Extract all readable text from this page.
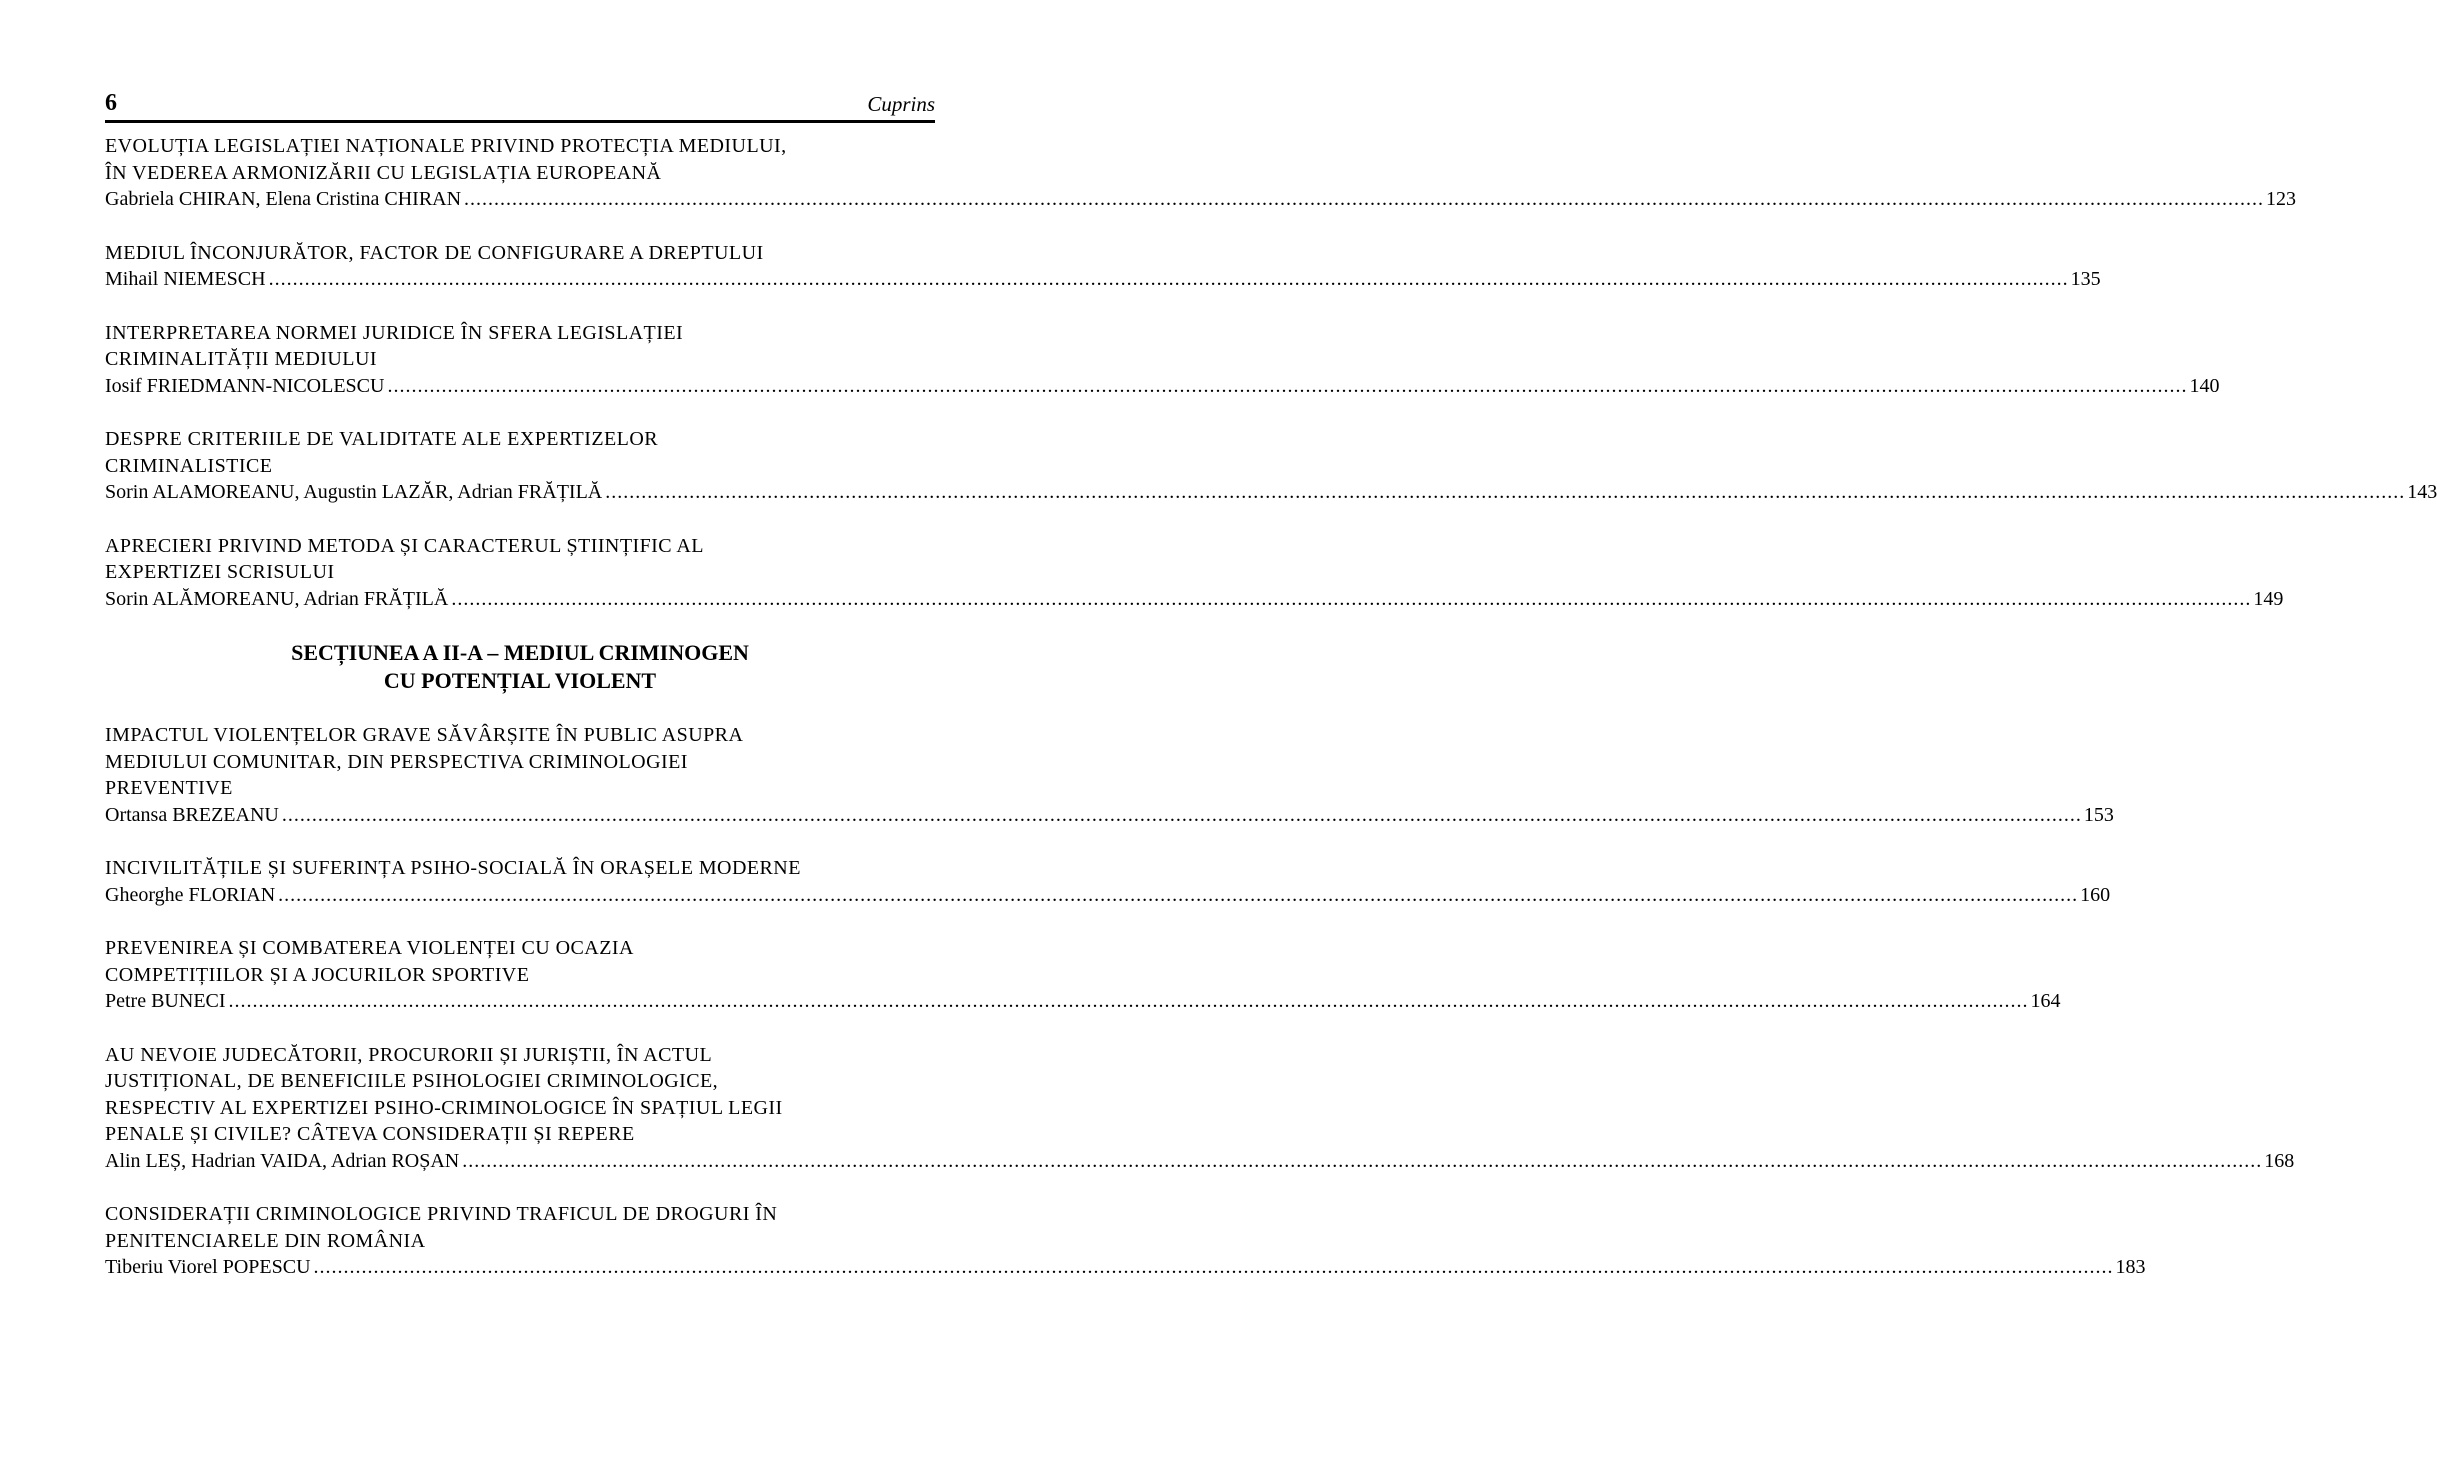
6	Cuprins
EVOLUȚIA LEGISLAȚIEI NAȚIONALE PRIVIND PROTECȚIA MEDIULUI,
ÎN VEDEREA ARMONIZĂRII CU LEGISLAȚIA EUROPEANĂ
Gabriela CHIRAN, Elena Cristina CHIRAN ............................................................................................................................................................................................................................................................................................................ 123
MEDIUL ÎNCONJURĂTOR, FACTOR DE CONFIGURARE A DREPTULUI
Mihail NIEMESCH ............................................................................................................................................................................................................................................................................................................ 135
INTERPRETAREA NORMEI JURIDICE ÎN SFERA LEGISLAȚIEI
CRIMINALITĂȚII MEDIULUI
Iosif FRIEDMANN-NICOLESCU ............................................................................................................................................................................................................................................................................................................ 140
DESPRE CRITERIILE DE VALIDITATE ALE EXPERTIZELOR
CRIMINALISTICE
Sorin ALAMOREANU, Augustin LAZĂR, Adrian FRĂȚILĂ ............................................................................................................................................................................................................................................................................................................ 143
APRECIERI PRIVIND METODA ȘI CARACTERUL ȘTIINȚIFIC AL
EXPERTIZEI SCRISULUI
Sorin ALĂMOREANU, Adrian FRĂȚILĂ ............................................................................................................................................................................................................................................................................................................ 149
SECȚIUNEA A II-A – MEDIUL CRIMINOGEN
CU POTENȚIAL VIOLENT
IMPACTUL VIOLENȚELOR GRAVE SĂVÂRȘITE ÎN PUBLIC ASUPRA
MEDIULUI COMUNITAR, DIN PERSPECTIVA CRIMINOLOGIEI
PREVENTIVE
Ortansa BREZEANU ............................................................................................................................................................................................................................................................................................................ 153
INCIVILITĂȚILE ȘI SUFERINȚA PSIHO-SOCIALĂ ÎN ORAȘELE MODERNE
Gheorghe FLORIAN ............................................................................................................................................................................................................................................................................................................ 160
PREVENIREA ȘI COMBATEREA VIOLENȚEI CU OCAZIA
COMPETIȚIILOR ȘI A JOCURILOR SPORTIVE
Petre BUNECI ............................................................................................................................................................................................................................................................................................................ 164
AU NEVOIE JUDECĂTORII, PROCURORII ȘI JURIȘTII, ÎN ACTUL
JUSTIȚIONAL, DE BENEFICIILE PSIHOLOGIEI CRIMINOLOGICE,
RESPECTIV AL EXPERTIZEI PSIHO-CRIMINOLOGICE ÎN SPAȚIUL LEGII
PENALE ȘI CIVILE? CÂTEVA CONSIDERAȚII ȘI REPERE
Alin LEȘ, Hadrian VAIDA, Adrian ROȘAN ............................................................................................................................................................................................................................................................................................................ 168
CONSIDERAȚII CRIMINOLOGICE PRIVIND TRAFICUL DE DROGURI ÎN
PENITENCIARELE DIN ROMÂNIA
Tiberiu Viorel POPESCU ............................................................................................................................................................................................................................................................................................................ 183
